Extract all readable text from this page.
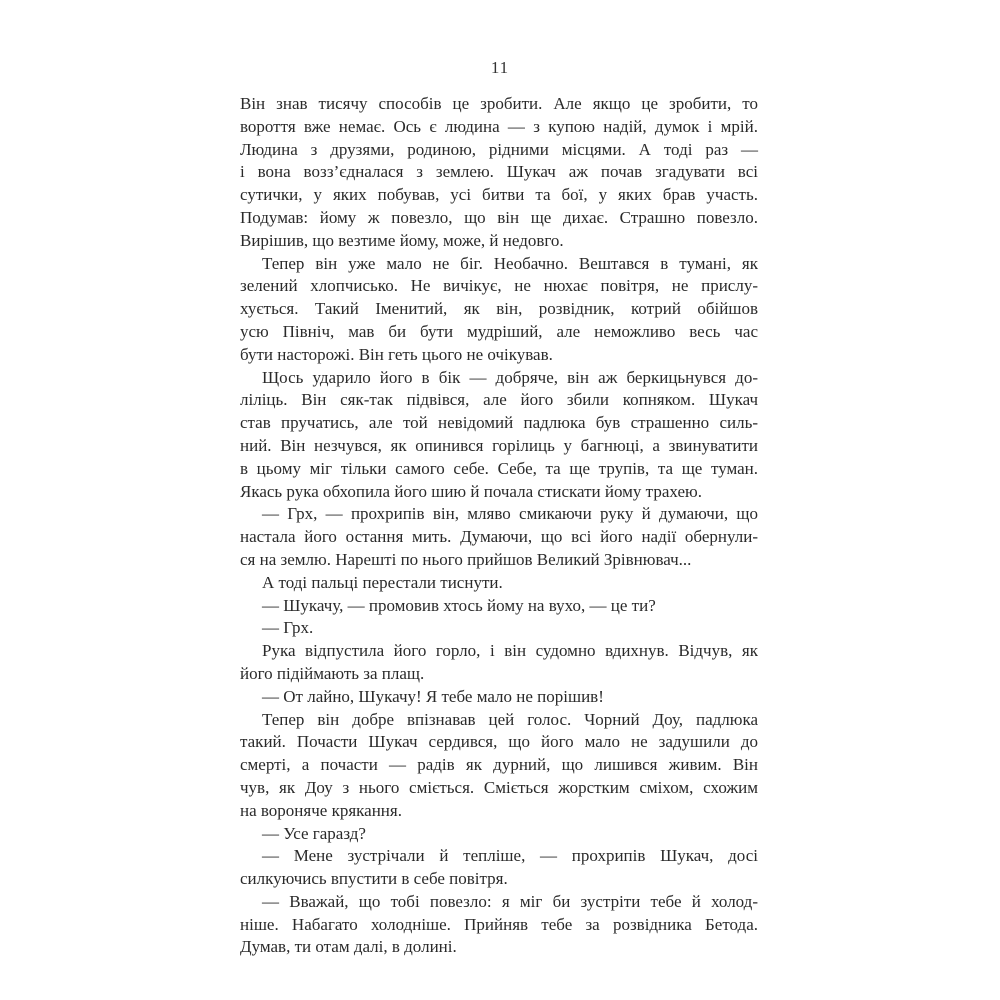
11
Він знав тисячу способів це зробити. Але якщо це зробити, то
вороття вже немає. Ось є людина — з купою надій, думок і мрій.
Людина з друзями, родиною, рідними місцями. А тоді раз —
і вона возз’єдналася з землею. Шукач аж почав згадувати всі
сутички, у яких побував, усі битви та бої, у яких брав участь.
Подумав: йому ж повезло, що він ще дихає. Страшно повезло.
Вирішив, що везтиме йому, може, й недовго.
Тепер він уже мало не біг. Необачно. Вештався в тумані, як
зелений хлопчисько. Не вичікує, не нюхає повітря, не прислу-
хується. Такий Іменитий, як він, розвідник, котрий обійшов
усю Північ, мав би бути мудріший, але неможливо весь час
бути насторожі. Він геть цього не очікував.
Щось ударило його в бік — добряче, він аж беркицьнувся до-
ліліць. Він сяк-так підвівся, але його збили копняком. Шукач
став пручатись, але той невідомий падлюка був страшенно силь-
ний. Він незчувся, як опинився горілиць у багнюці, а звинуватити
в цьому міг тільки самого себе. Себе, та ще трупів, та ще туман.
Якась рука обхопила його шию й почала стискати йому трахею.
— Грх, — прохрипів він, мляво смикаючи руку й думаючи, що
настала його остання мить. Думаючи, що всі його надії обернули-
ся на землю. Нарешті по нього прийшов Великий Зрівнювач...
А тоді пальці перестали тиснути.
— Шукачу, — промовив хтось йому на вухо, — це ти?
— Грх.
Рука відпустила його горло, і він судомно вдихнув. Відчув, як
його підіймають за плащ.
— От лайно, Шукачу! Я тебе мало не порішив!
Тепер він добре впізнавав цей голос. Чорний Доу, падлюка
такий. Почасти Шукач сердився, що його мало не задушили до
смерті, а почасти — радів як дурний, що лишився живим. Він
чув, як Доу з нього сміється. Сміється жорстким сміхом, схожим
на вороняче крякання.
— Усе гаразд?
— Мене зустрічали й тепліше, — прохрипів Шукач, досі
силкуючись впустити в себе повітря.
— Вважай, що тобі повезло: я міг би зустріти тебе й холод-
ніше. Набагато холодніше. Прийняв тебе за розвідника Бетода.
Думав, ти отам далі, в долині.
